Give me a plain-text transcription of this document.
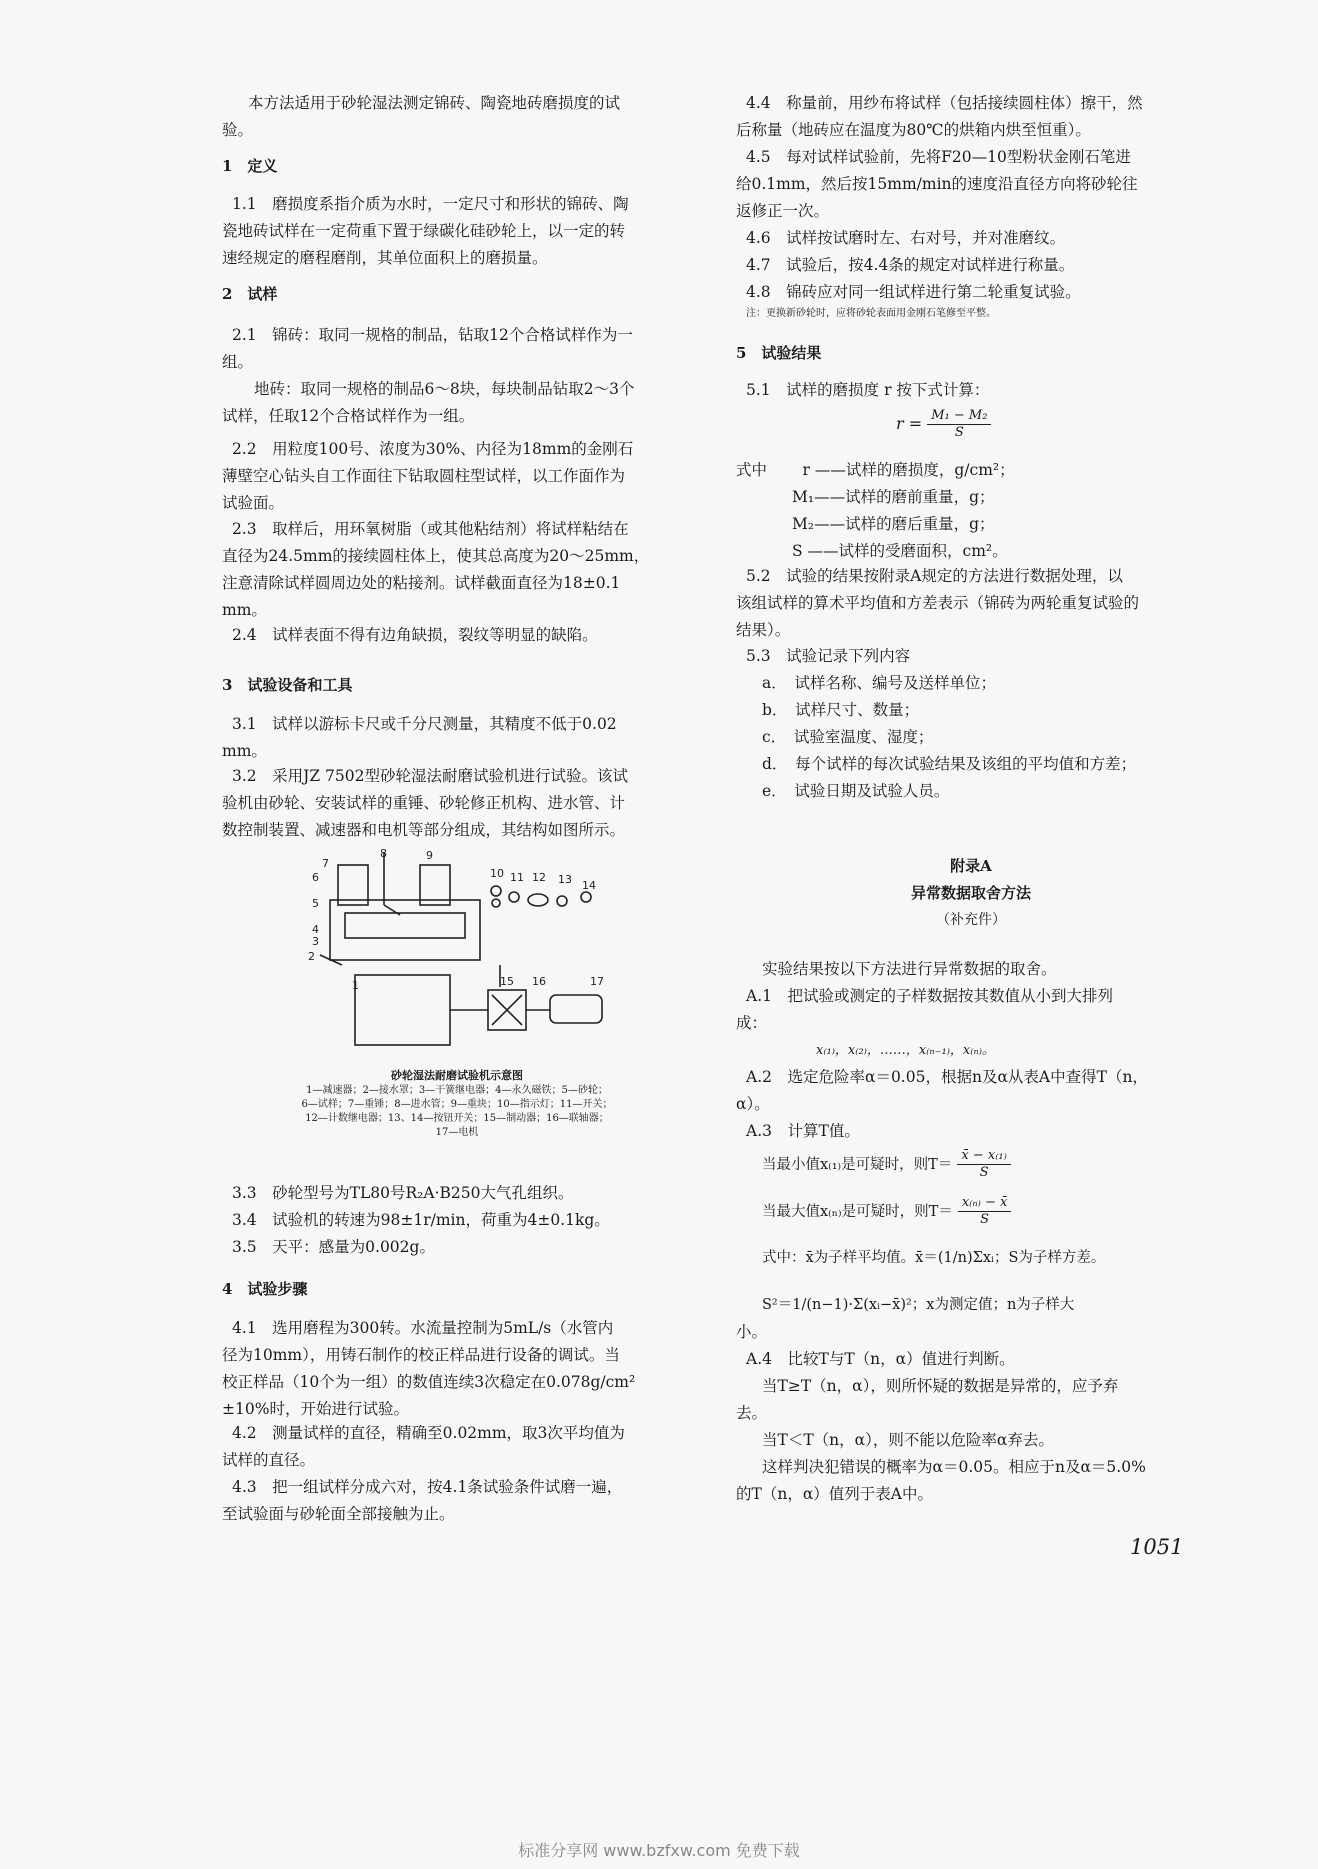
本方法适用于砂轮湿法测定锦砖、陶瓷地砖磨损度的试

验。

1　定义

1.1　磨损度系指介质为水时，一定尺寸和形状的锦砖、陶

瓷地砖试样在一定荷重下置于绿碳化硅砂轮上，以一定的转

速经规定的磨程磨削，其单位面积上的磨损量。

2　试样

2.1　锦砖：取同一规格的制品，钻取12个合格试样作为一

组。

地砖：取同一规格的制品6～8块，每块制品钻取2～3个

试样，任取12个合格试样作为一组。

2.2　用粒度100号、浓度为30%、内径为18mm的金刚石

薄壁空心钻头自工作面往下钻取圆柱型试样，以工作面作为

试验面。

2.3　取样后，用环氧树脂（或其他粘结剂）将试样粘结在

直径为24.5mm的接续圆柱体上，使其总高度为20～25mm，

注意清除试样圆周边处的粘接剂。试样截面直径为18±0.1

mm。

2.4　试样表面不得有边角缺损，裂纹等明显的缺陷。

3　试验设备和工具

3.1　试样以游标卡尺或千分尺测量，其精度不低于0.02

mm。

3.2　采用JZ 7502型砂轮湿法耐磨试验机进行试验。该试

验机由砂轮、安装试样的重锤、砂轮修正机构、进水管、计

数控制装置、减速器和电机等部分组成，其结构如图所示。

砂轮湿法耐磨试验机示意图

1—减速器；2—接水罩；3—干簧继电器；4—永久磁铁；5—砂轮；

6—试样；7—重锤；8—进水管；9—重块；10—指示灯；11—开关；

12—计数继电器；13、14—按钮开关；15—制动器；16—联轴器；

17—电机

3.3　砂轮型号为TL80号R₂A·B250大气孔组织。

3.4　试验机的转速为98±1r/min，荷重为4±0.1kg。

3.5　天平：感量为0.002g。

4　试验步骤

4.1　选用磨程为300转。水流量控制为5mL/s（水管内

径为10mm），用铸石制作的校正样品进行设备的调试。当

校正样品（10个为一组）的数值连续3次稳定在0.078g/cm²

±10%时，开始进行试验。

4.2　测量试样的直径，精确至0.02mm，取3次平均值为

试样的直径。

4.3　把一组试样分成六对，按4.1条试验条件试磨一遍，

至试验面与砂轮面全部接触为止。

1
2
3
4
5
6
7
8	9
10 11 12 13 14
15 16	17

4.4　称量前，用纱布将试样（包括接续圆柱体）擦干，然

后称量（地砖应在温度为80℃的烘箱内烘至恒重）。

4.5　每对试样试验前，先将F20—10型粉状金刚石笔进

给0.1mm，然后按15mm/min的速度沿直径方向将砂轮往

返修正一次。

4.6　试样按试磨时左、右对号，并对准磨纹。

4.7　试验后，按4.4条的规定对试样进行称量。

4.8　锦砖应对同一组试样进行第二轮重复试验。

注：更换新砂轮时，应将砂轮表面用金刚石笔修至平整。

5　试验结果

5.1　试样的磨损度 r 按下式计算：

$r = \frac{\text{M₁ − M₂}}{S}$

式中　 r ——试样的磨损度，g/cm²；

M₁——试样的磨前重量，g；

M₂——试样的磨后重量，g；

S ——试样的受磨面积，cm²。

5.2　试验的结果按附录A规定的方法进行数据处理，以

该组试样的算术平均值和方差表示（锦砖为两轮重复试验的

结果）。

5.3　试验记录下列内容

a．　试样名称、编号及送样单位；

b．　试样尺寸、数量；

c．　试验室温度、湿度；

d．　每个试样的每次试验结果及该组的平均值和方差；

e．　试验日期及试验人员。

附录A

异常数据取舍方法

（补充件）

实验结果按以下方法进行异常数据的取舍。

A.1　把试验或测定的子样数据按其数值从小到大排列

成：

x₍₁₎，x₍₂₎，……，x₍ₙ₋₁₎，x₍ₙ₎。

A.2　选定危险率α＝0.05，根据n及α从表A中查得T（n，

α）。

A.3　计算T值。

当最小值x₍₁₎是可疑时，则$T= \frac{\text{x̄ − x₍₁₎}}{S}$
当最大值x₍ₙ₎是可疑时，则$T= \frac{\text{x₍ₙ₎ − x̄}}{S}$

式中：x̄为子样平均值。x̄＝(1/n)Σxᵢ；S为子样方差。

S²＝1/(n−1)·Σ(xᵢ−x̄)²；x为测定值；n为子样大

小。

A.4　比较T与T（n，α）值进行判断。

当T≥T（n，α），则所怀疑的数据是异常的，应予弃

去。

当T＜T（n，α），则不能以危险率α弃去。

这样判决犯错误的概率为α＝0.05。相应于n及α＝5.0%

的T（n，α）值列于表A中。

1051
标准分享网 www.bzfxw.com 免费下载
